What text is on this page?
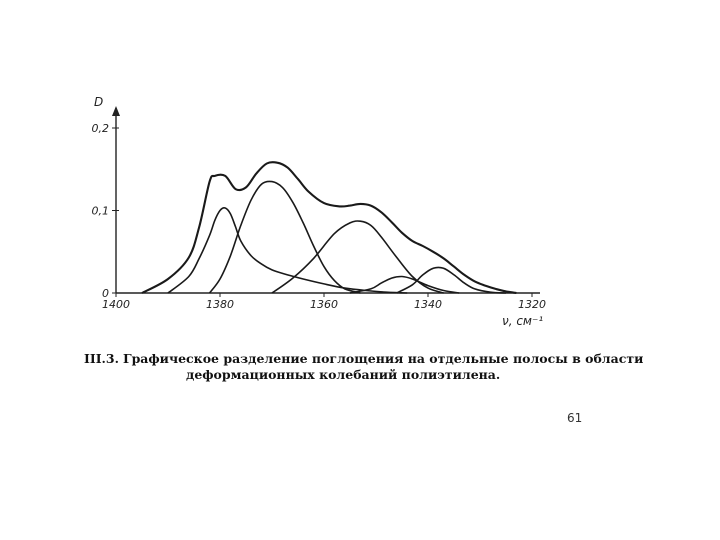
1400	1380	1360	1340	1320
0
0,1
0,2
D
ν, см⁻¹
III.3. Графическое разделение поглощения на отдельные полосы в области
деформационных колебаний полиэтилена.
61
